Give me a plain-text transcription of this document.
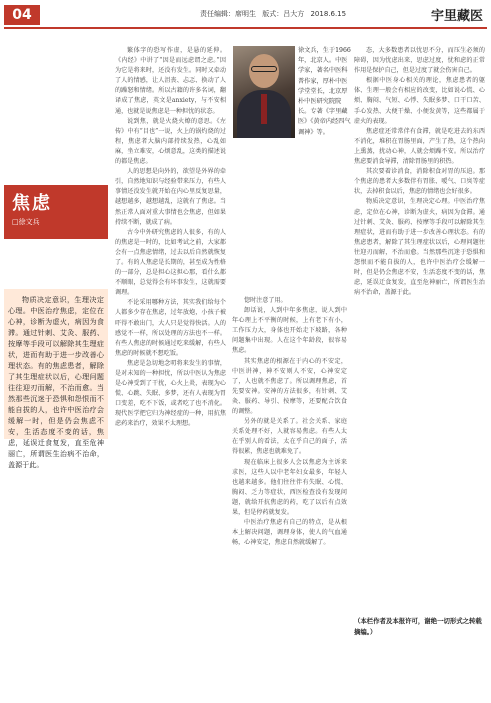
04	责任编辑：席明生 版式：吕大方 2018.6.15	宇里藏医
焦虑
□徐文兵
物质决定意识，生理决定心理。中医治疗焦虑，定位在心神，诊断为虚火，病因为食滞。通过针刺、艾灸、服药、按摩等手段可以解除其生理症状，进而有助于进一步改善心理状态。有的焦虑患者，解除了其生理症状以后，心理问题往往迎刃而解，不治而愈。当然那些沉迷于恐惧和怨恨而不能自拔的人，也许中医治疗会缓解一时，但是仍会焦虑不安，生活态度不变的话，焦虑，延误迁食复发，直至危神丽亡，所谓医生治病不治命，盖源于此。

繁体字的恐写作虚，是悬的延伸。《内经》中讲了“因是而远虑谓之虑。”因为它是将来时，还没有发生。同时又牵动了人的情感，让人沮丧、忐忑、换动了人的躁怒和情绪。所以古籍的许多名词，翻译成了焦虑，英文是anxiety，与不安相通，也就是说焦虑是一种担忧的状态。

说到焦，就是火烧火燎的意思。《左传》中有“目也”一说，火上的锅灼烧的过程，焦虑者大脑内部持续发热，心乱如麻，坐立难安，心烦意乱，这类的描述说的都是焦虑。

人的思想是向外的，欲望是外界的牵引，自然地知识与经验带来压力，有些人事情还没发生就开始在内心里反复思量，越想越多，越想越乱，这就有了焦虑。当然正常人面对重大事情也会焦虑，但如果持续不断，就成了病。

古今中外研究焦虑的人很多，有的人的焦虑是一时的，比如考试之前，大家都会有一点焦虑情绪，过去以后自然就恢复了。有的人焦虑是长期的，甚至成为性格的一部分，总是担心这担心那，看什么都不顺眼，总觉得会有坏事发生，这就需要调理。

不论采用哪种方法，其实我们给每个人都多少存在焦虑，过年放炮，小孩子被吓得不敢出门，大人只是觉得快活。人的感觉不一样，所以处理的方法也不一样。有些人焦虑的时候通过吃来缓解，有些人焦虑的时候就不想吃饭。

焦虑是急切地念叨将来发生的事情，是对未知的一种担忧，所以中医认为焦虑是心神受到了干扰，心火上炎，表现为心慌、心跳、失眠、多梦，还有人表现为胃口变差，吃不下饭，或者吃了也不消化。现代医学把它归为神经症的一种，用抗焦虑药来治疗，效果不太理想。

徐文兵，生于1966年，北京人。中医学家，著名中医科普作家，厚朴中医学堂堂长，北京厚朴中医研究院院长。专著《字里藏医》《黄帝内经四气调神》等。

惚时注意了用。

卸话说，人到中年多焦虑，说人到中年心理上不平衡的时候，上有老下有小，工作压力大，身体也开始走下坡路，各种问题集中出现。人在这个年龄段，很容易焦虑。

其实焦虑的根源在于内心的不安定，中医讲神，神不安则人不安，心神安定了，人也就不焦虑了。所以调理焦虑，首先要安神。安神的方法很多，有针刺、艾灸、服药、导引、按摩等，还要配合饮食的调整。

另外的就是关系了。社会关系、家庭关系处理不好，人就容易焦虑。有些人太在乎别人的看法，太在乎自己的面子，活得很累，焦虑也就难免了。

现在临床上很多人会以焦虑为主诉来求医，这些人以中老年妇女最多，年轻人也越来越多。他们往往伴有失眠、心慌、胸闷、乏力等症状，西医检查没有发现问题，就给开抗焦虑的药，吃了以后有点效果，但是停药就复发。

中医治疗焦虑有自己的特点，是从根本上解决问题，调理身体，使人的气血通畅，心神安定，焦虑自然就缓解了。

态，大多数患者以忧思不分，而压生必须的障碍，因为忧虑出来，思虑过度，忧和虑的正常作用是保护自己，但是过度了就会伤害自己。

根据中医身心相关的理论，焦虑患者的躯体、生理一般会有相应的改变，比如说心慌、心烦、胸闷、气短、心悸、失眠多梦、口干口苦、手心发热、大便干燥、小便发黄等，这些都属于虚火的表现。

焦虑症还常常伴有食滞，就是吃进去的东西不消化，堆积在胃肠里面，产生了热，这个热向上熏蒸，扰动心神，人就会烦躁不安。所以治疗焦虑要消食导滞，清除胃肠里的积热。

其次要着诊消食，消除积食对胃的压迫。那个焦虑的患者大多数伴有胃胀、嗳气、口臭等症状，去掉积食以后，焦虑的情绪也会好很多。

物质决定意识，生理决定心理。中医治疗焦虑，定位在心神，诊断为虚火，病因为食滞。通过针刺、艾灸、服药、按摩等手段可以解除其生理症状，进而有助于进一步改善心理状态。有的焦虑患者，解除了其生理症状以后，心理问题往往迎刃而解，不治而愈。当然那些沉迷于恐惧和怨恨而不能自拔的人，也许中医治疗会缓解一时，但是仍会焦虑不安，生活态度不变的话，焦虑，延误迁食复发，直至危神丽亡，所谓医生治病不治命，盖源于此。

（本栏作者及本报许可，谢绝一切形式之转载摘编。）
